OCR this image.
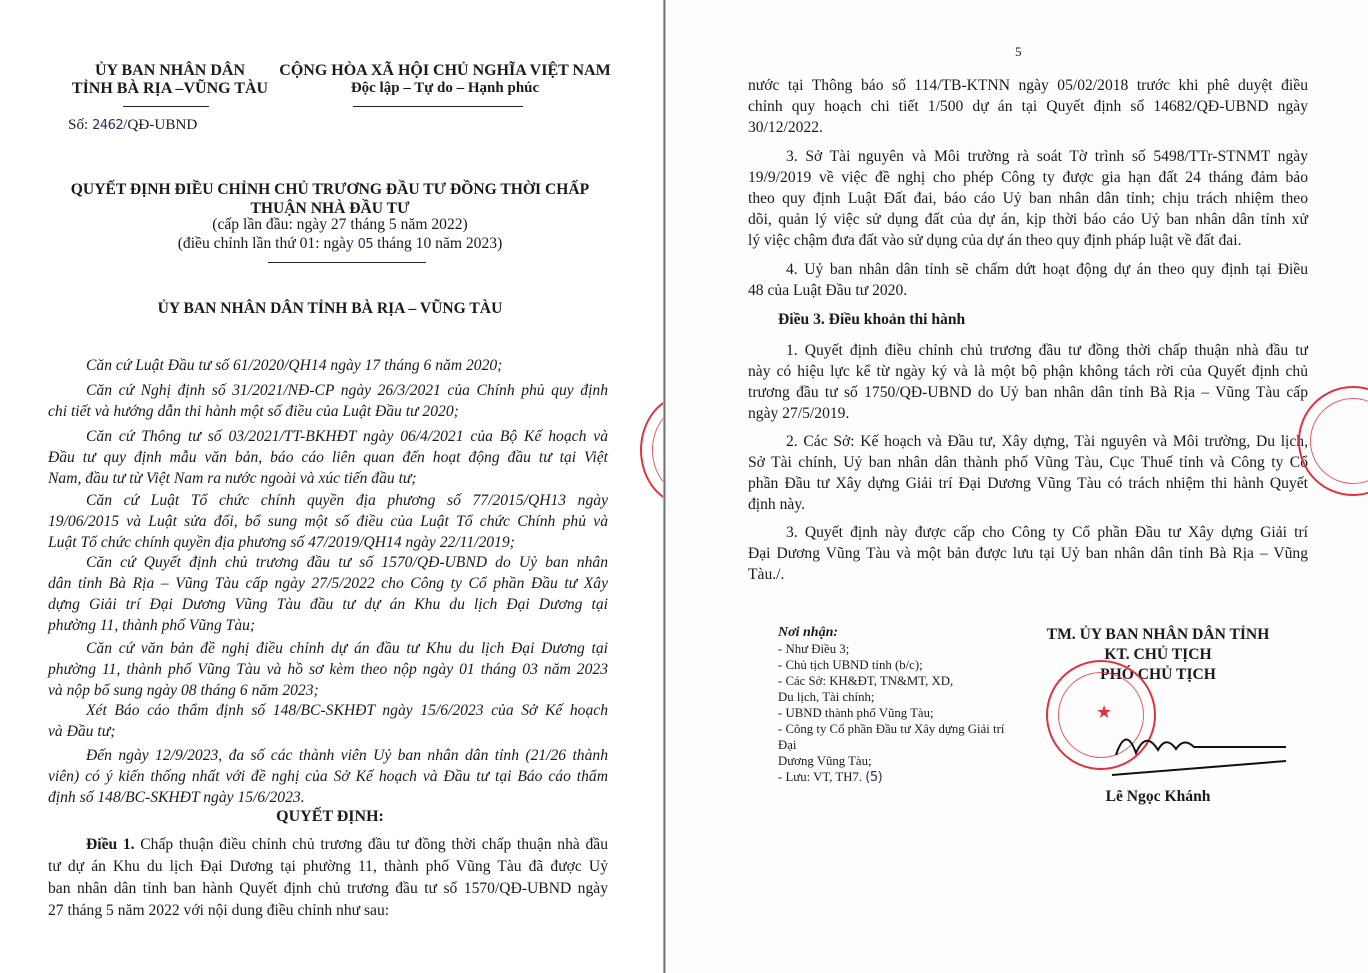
ỦY BAN NHÂN DÂN
TỈNH BÀ RỊA –VŨNG TÀU
CỘNG HÒA XÃ HỘI CHỦ NGHĨA VIỆT NAM
Độc lập – Tự do – Hạnh phúc
Số: 2462/QĐ-UBND
QUYẾT ĐỊNH ĐIỀU CHỈNH CHỦ TRƯƠNG ĐẦU TƯ ĐỒNG THỜI CHẤP
THUẬN NHÀ ĐẦU TƯ
(cấp lần đầu: ngày 27 tháng 5 năm 2022)
(điều chỉnh lần thứ 01: ngày 05 tháng 10 năm 2023)
ỦY BAN NHÂN DÂN TỈNH BÀ RỊA – VŨNG TÀU
Căn cứ Luật Đầu tư số 61/2020/QH14 ngày 17 tháng 6 năm 2020;
Căn cứ Nghị định số 31/2021/NĐ-CP ngày 26/3/2021 của Chính phủ quy định
chi tiết và hướng dẫn thi hành một số điều của Luật Đầu tư 2020;
Căn cứ Thông tư số 03/2021/TT-BKHĐT ngày 06/4/2021 của Bộ Kế hoạch và
Đầu tư quy định mẫu văn bản, báo cáo liên quan đến hoạt động đầu tư tại Việt
Nam, đầu tư từ Việt Nam ra nước ngoài và xúc tiến đầu tư;
Căn cứ Luật Tổ chức chính quyền địa phương số 77/2015/QH13 ngày
19/06/2015 và Luật sửa đổi, bổ sung một số điều của Luật Tổ chức Chính phủ và
Luật Tổ chức chính quyền địa phương số 47/2019/QH14 ngày 22/11/2019;
Căn cứ Quyết định chủ trương đầu tư số 1570/QĐ-UBND do Uỷ ban nhân
dân tỉnh Bà Rịa – Vũng Tàu cấp ngày 27/5/2022 cho Công ty Cổ phần Đầu tư Xây
dựng Giải trí Đại Dương Vũng Tàu đầu tư dự án Khu du lịch Đại Dương tại
phường 11, thành phố Vũng Tàu;
Căn cứ văn bản đề nghị điều chỉnh dự án đầu tư Khu du lịch Đại Dương tại
phường 11, thành phố Vũng Tàu và hồ sơ kèm theo nộp ngày 01 tháng 03 năm 2023
và nộp bổ sung ngày 08 tháng 6 năm 2023;
Xét Báo cáo thẩm định số 148/BC-SKHĐT ngày 15/6/2023 của Sở Kế hoạch
và Đầu tư;
Đến ngày 12/9/2023, đa số các thành viên Uỷ ban nhân dân tỉnh (21/26 thành
viên) có ý kiến thống nhất với đề nghị của Sở Kế hoạch và Đầu tư tại Báo cáo thẩm
định số 148/BC-SKHĐT ngày 15/6/2023.
QUYẾT ĐỊNH:
Điều 1. Chấp thuận điều chỉnh chủ trương đầu tư đồng thời chấp thuận nhà đầu
tư dự án Khu du lịch Đại Dương tại phường 11, thành phố Vũng Tàu đã được Uỷ
ban nhân dân tỉnh ban hành Quyết định chủ trương đầu tư số 1570/QĐ-UBND ngày
27 tháng 5 năm 2022 với nội dung điều chỉnh như sau:
5
nước tại Thông báo số 114/TB-KTNN ngày 05/02/2018 trước khi phê duyệt điều
chỉnh quy hoạch chi tiết 1/500 dự án tại Quyết định số 14682/QĐ-UBND ngày
30/12/2022.
3. Sở Tài nguyên và Môi trường rà soát Tờ trình số 5498/TTr-STNMT ngày
19/9/2019 về việc đề nghị cho phép Công ty được gia hạn đất 24 tháng đảm bảo
theo quy định Luật Đất đai, báo cáo Uỷ ban nhân dân tỉnh; chịu trách nhiệm theo
dõi, quản lý việc sử dụng đất của dự án, kịp thời báo cáo Uỷ ban nhân dân tỉnh xử
lý việc chậm đưa đất vào sử dụng của dự án theo quy định pháp luật về đất đai.
4. Uỷ ban nhân dân tỉnh sẽ chấm dứt hoạt động dự án theo quy định tại Điều
48 của Luật Đầu tư 2020.
Điều 3. Điều khoản thi hành
1. Quyết định điều chỉnh chủ trương đầu tư đồng thời chấp thuận nhà đầu tư
này có hiệu lực kể từ ngày ký và là một bộ phận không tách rời của Quyết định chủ
trương đầu tư số 1750/QĐ-UBND do Uỷ ban nhân dân tỉnh Bà Rịa – Vũng Tàu cấp
ngày 27/5/2019.
2. Các Sở: Kế hoạch và Đầu tư, Xây dựng, Tài nguyên và Môi trường, Du lịch,
Sở Tài chính, Uỷ ban nhân dân thành phố Vũng Tàu, Cục Thuế tỉnh và Công ty Cổ
phần Đầu tư Xây dựng Giải trí Đại Dương Vũng Tàu có trách nhiệm thi hành Quyết
định này.
3. Quyết định này được cấp cho Công ty Cổ phần Đầu tư Xây dựng Giải trí
Đại Dương Vũng Tàu và một bản được lưu tại Uỷ ban nhân dân tỉnh Bà Rịa – Vũng
Tàu./.
Nơi nhận:
- Như Điều 3;
- Chủ tịch UBND tỉnh (b/c);
- Các Sở: KH&ĐT, TN&MT, XD,
Du lịch, Tài chính;
- UBND thành phố Vũng Tàu;
- Công ty Cổ phần Đầu tư Xây dựng Giải trí Đại
Dương Vũng Tàu;
- Lưu: VT, TH7. (5)
TM. ỦY BAN NHÂN DÂN TỈNH
KT. CHỦ TỊCH
PHÓ CHỦ TỊCH
★
Lê Ngọc Khánh
